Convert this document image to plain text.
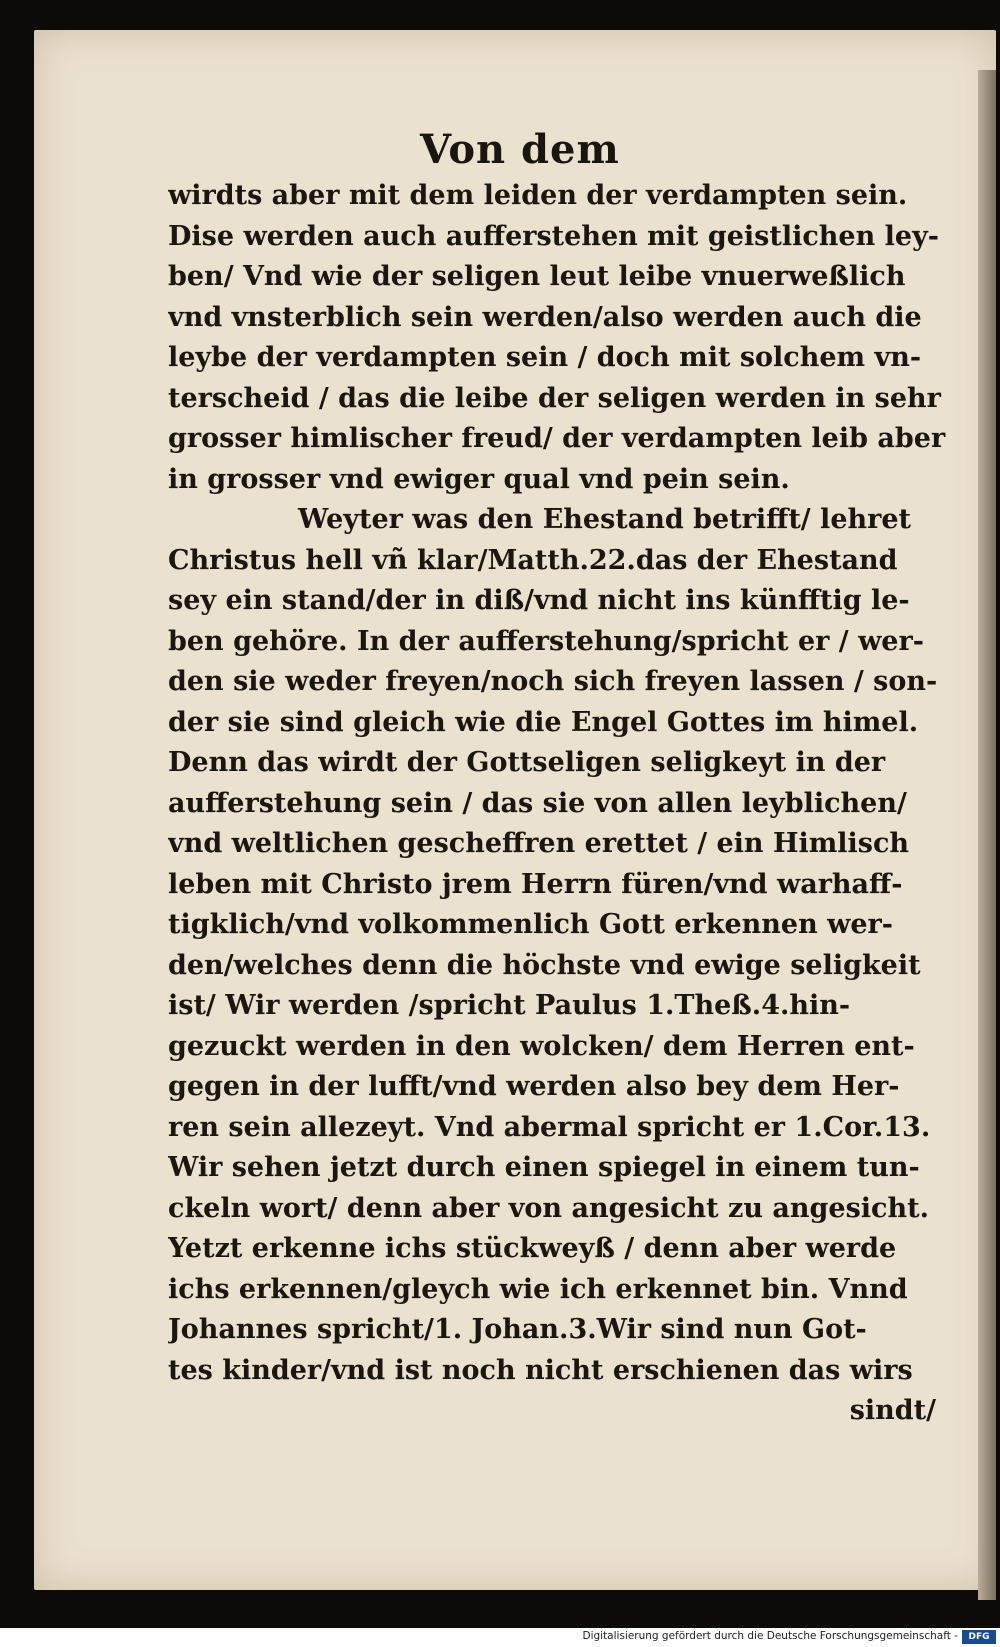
Von dem
wirdts aber mit dem leiden der verdampten sein.
Dise werden auch aufferstehen mit geistlichen ley-
ben/ Vnd wie der seligen leut leibe vnuerweßlich
vnd vnsterblich sein werden/also werden auch die
leybe der verdampten sein / doch mit solchem vn-
terscheid / das die leibe der seligen werden in sehr
grosser himlischer freud/ der verdampten leib aber
in grosser vnd ewiger qual vnd pein sein.
Weyter was den Ehestand betrifft/ lehret
Christus hell vñ klar/Matth.22.das der Ehestand
sey ein stand/der in diß/vnd nicht ins künfftig le-
ben gehöre. In der aufferstehung/spricht er / wer-
den sie weder freyen/noch sich freyen lassen / son-
der sie sind gleich wie die Engel Gottes im himel.
Denn das wirdt der Gottseligen seligkeyt in der
aufferstehung sein / das sie von allen leyblichen/
vnd weltlichen gescheffren erettet / ein Himlisch
leben mit Christo jrem Herrn füren/vnd warhaff-
tigklich/vnd volkommenlich Gott erkennen wer-
den/welches denn die höchste vnd ewige seligkeit
ist/ Wir werden /spricht Paulus 1.Theß.4.hin-
gezuckt werden in den wolcken/ dem Herren ent-
gegen in der lufft/vnd werden also bey dem Her-
ren sein allezeyt. Vnd abermal spricht er 1.Cor.13.
Wir sehen jetzt durch einen spiegel in einem tun-
ckeln wort/ denn aber von angesicht zu angesicht.
Yetzt erkenne ichs stückweyß / denn aber werde
ichs erkennen/gleych wie ich erkennet bin. Vnnd
Johannes spricht/1. Johan.3.Wir sind nun Got-
tes kinder/vnd ist noch nicht erschienen das wirs
sindt/
Digitalisierung gefördert durch die Deutsche Forschungsgemeinschaft -	DFG
